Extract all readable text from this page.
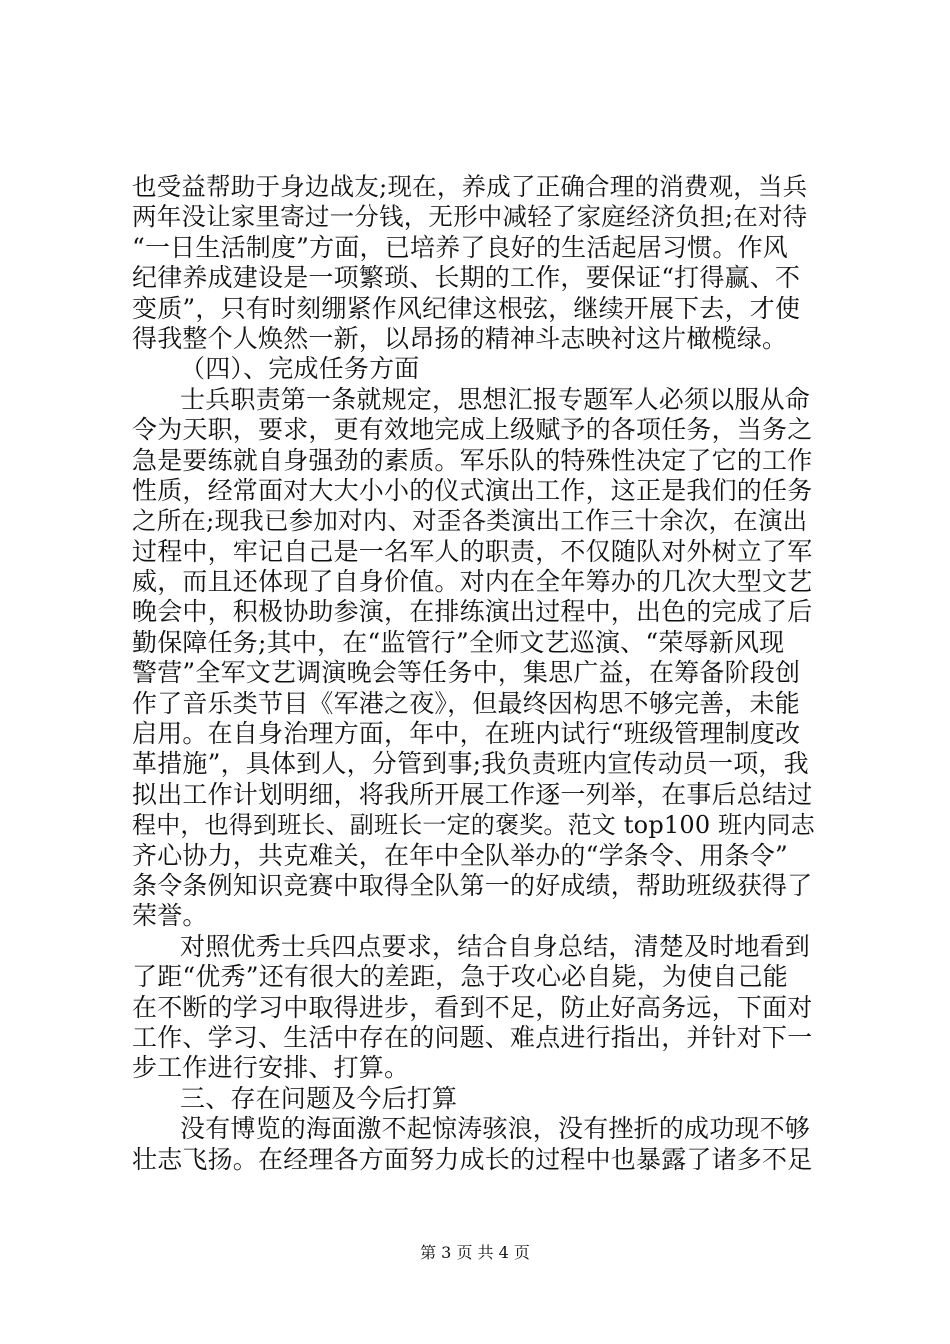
也受益帮助于身边战友;现在，养成了正确合理的消费观，当兵
两年没让家里寄过一分钱，无形中减轻了家庭经济负担;在对待
“一日生活制度”方面，已培养了良好的生活起居习惯。作风
纪律养成建设是一项繁琐、长期的工作，要保证“打得赢、不
变质”，只有时刻绷紧作风纪律这根弦，继续开展下去，才使
得我整个人焕然一新，以昂扬的精神斗志映衬这片橄榄绿。
（四）、完成任务方面
士兵职责第一条就规定，思想汇报专题军人必须以服从命
令为天职，要求，更有效地完成上级赋予的各项任务，当务之
急是要练就自身强劲的素质。军乐队的特殊性决定了它的工作
性质，经常面对大大小小的仪式演出工作，这正是我们的任务
之所在;现我已参加对内、对歪各类演出工作三十余次，在演出
过程中，牢记自己是一名军人的职责，不仅随队对外树立了军
威，而且还体现了自身价值。对内在全年筹办的几次大型文艺
晚会中，积极协助参演，在排练演出过程中，出色的完成了后
勤保障任务;其中，在“监管行”全师文艺巡演、“荣辱新风现
警营”全军文艺调演晚会等任务中，集思广益，在筹备阶段创
作了音乐类节目《军港之夜》，但最终因构思不够完善，未能
启用。在自身治理方面，年中，在班内试行“班级管理制度改
革措施”，具体到人，分管到事;我负责班内宣传动员一项，我
拟出工作计划明细，将我所开展工作逐一列举，在事后总结过
程中，也得到班长、副班长一定的褒奖。范文 top100 班内同志
齐心协力，共克难关，在年中全队举办的“学条令、用条令”
条令条例知识竞赛中取得全队第一的好成绩，帮助班级获得了
荣誉。
对照优秀士兵四点要求，结合自身总结，清楚及时地看到
了距“优秀”还有很大的差距，急于攻心必自毙，为使自己能
在不断的学习中取得进步，看到不足，防止好高务远，下面对
工作、学习、生活中存在的问题、难点进行指出，并针对下一
步工作进行安排、打算。
三、存在问题及今后打算
没有博览的海面激不起惊涛骇浪，没有挫折的成功现不够
壮志飞扬。在经理各方面努力成长的过程中也暴露了诸多不足
第 3 页 共 4 页
